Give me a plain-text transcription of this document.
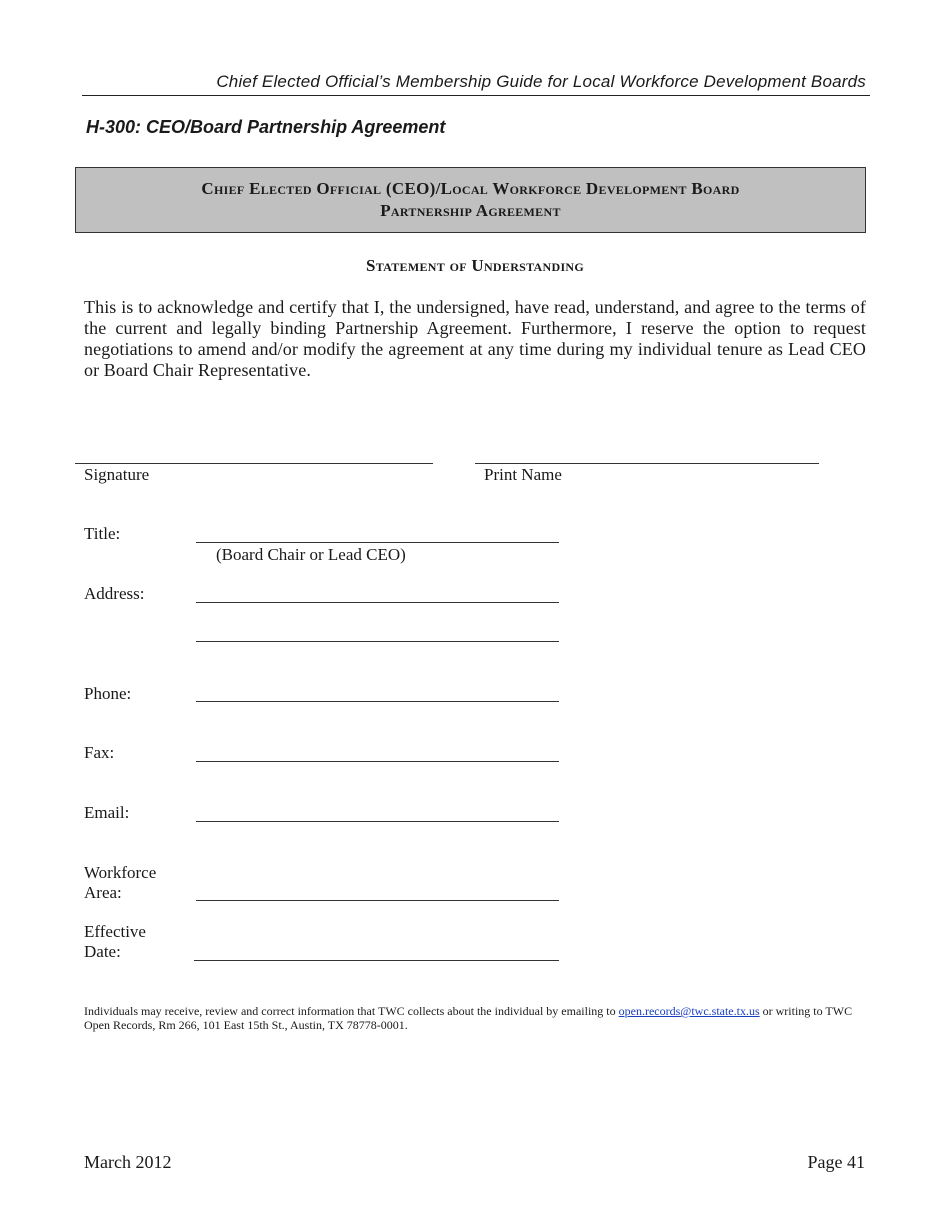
Chief Elected Official’s Membership Guide for Local Workforce Development Boards
H-300: CEO/Board Partnership Agreement
Chief Elected Official (CEO)/Local Workforce Development Board
Partnership Agreement
Statement of Understanding

This is to acknowledge and certify that I, the undersigned, have read, understand, and agree to the terms of the current and legally binding Partnership Agreement. Furthermore, I reserve the option to request negotiations to amend and/or modify the agreement at any time during my individual tenure as Lead CEO or Board Chair Representative.

Signature	Print Name
Title:
(Board Chair or Lead CEO)
Address:
Phone:
Fax:
Email:
Workforce
Area:
Effective
Date:
Individuals may receive, review and correct information that TWC collects about the individual by emailing to open.records@twc.state.tx.us or writing to TWC Open Records, Rm 266, 101 East 15th St., Austin, TX 78778-0001.
March 2012	Page 41
